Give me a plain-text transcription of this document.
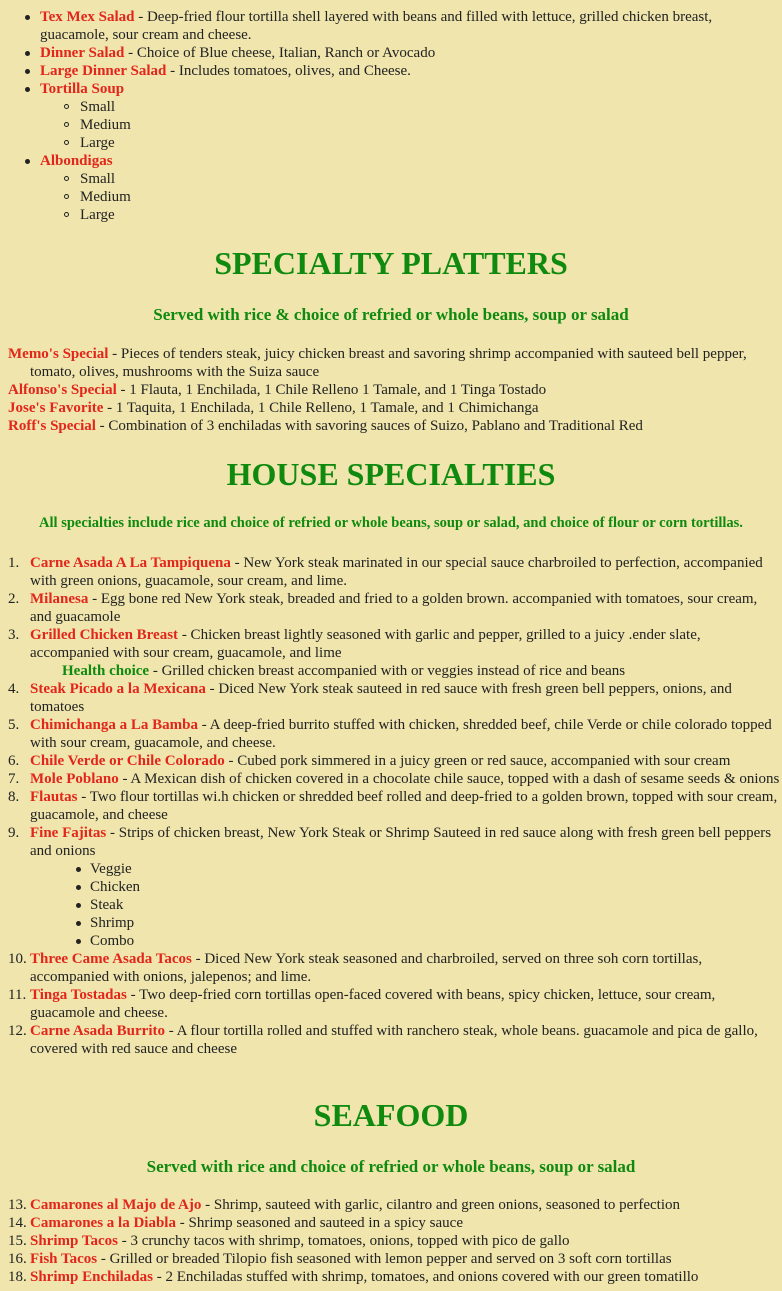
Tex Mex Salad - Deep-fried flour tortilla shell layered with beans and filled with lettuce, grilled chicken breast, guacamole, sour cream and cheese.
Dinner Salad - Choice of Blue cheese, Italian, Ranch or Avocado
Large Dinner Salad - Includes tomatoes, olives, and Cheese.
Tortilla Soup
Small
Medium
Large
Albondigas
Small
Medium
Large
SPECIALTY PLATTERS
Served with rice & choice of refried or whole beans, soup or salad
Memo's Special - Pieces of tenders steak, juicy chicken breast and savoring shrimp accompanied with sauteed bell pepper, tomato, olives, mushrooms with the Suiza sauce
Alfonso's Special - 1 Flauta, 1 Enchilada, 1 Chile Relleno 1 Tamale, and 1 Tinga Tostado
Jose's Favorite - 1 Taquita, 1 Enchilada, 1 Chile Relleno, 1 Tamale, and 1 Chimichanga
Roff's Special - Combination of 3 enchiladas with savoring sauces of Suizo, Pablano and Traditional Red
HOUSE SPECIALTIES
All specialties include rice and choice of refried or whole beans, soup or salad, and choice of flour or corn tortillas.
1. Carne Asada A La Tampiquena - New York steak marinated in our special sauce charbroiled to perfection, accompanied with green onions, guacamole, sour cream, and lime.
2. Milanesa - Egg bone red New York steak, breaded and fried to a golden brown. accompanied with tomatoes, sour cream, and guacamole
3. Grilled Chicken Breast - Chicken breast lightly seasoned with garlic and pepper, grilled to a juicy .ender slate, accompanied with sour cream, guacamole, and lime
Health choice - Grilled chicken breast accompanied with or veggies instead of rice and beans
4. Steak Picado a la Mexicana - Diced New York steak sauteed in red sauce with fresh green bell peppers, onions, and tomatoes
5. Chimichanga a La Bamba - A deep-fried burrito stuffed with chicken, shredded beef, chile Verde or chile colorado topped with sour cream, guacamole, and cheese.
6. Chile Verde or Chile Colorado - Cubed pork simmered in a juicy green or red sauce, accompanied with sour cream
7. Mole Poblano - A Mexican dish of chicken covered in a chocolate chile sauce, topped with a dash of sesame seeds & onions
8. Flautas - Two flour tortillas wi.h chicken or shredded beef rolled and deep-fried to a golden brown, topped with sour cream, guacamole, and cheese
9. Fine Fajitas - Strips of chicken breast, New York Steak or Shrimp Sauteed in red sauce along with fresh green bell peppers and onions
Veggie
Chicken
Steak
Shrimp
Combo
10. Three Came Asada Tacos - Diced New York steak seasoned and charbroiled, served on three soh corn tortillas, accompanied with onions, jalepenos; and lime.
11. Tinga Tostadas - Two deep-fried corn tortillas open-faced covered with beans, spicy chicken, lettuce, sour cream, guacamole and cheese.
12. Carne Asada Burrito - A flour tortilla rolled and stuffed with ranchero steak, whole beans. guacamole and pica de gallo, covered with red sauce and cheese
SEAFOOD
Served with rice and choice of refried or whole beans, soup or salad
13. Camarones al Majo de Ajo - Shrimp, sauteed with garlic, cilantro and green onions, seasoned to perfection
14. Camarones a la Diabla - Shrimp seasoned and sauteed in a spicy sauce
15. Shrimp Tacos - 3 crunchy tacos with shrimp, tomatoes, onions, topped with pico de gallo
16. Fish Tacos - Grilled or breaded Tilopio fish seasoned with lemon pepper and served on 3 soft corn tortillas
18. Shrimp Enchiladas - 2 Enchiladas stuffed with shrimp, tomatoes, and onions covered with our green tomatillo
